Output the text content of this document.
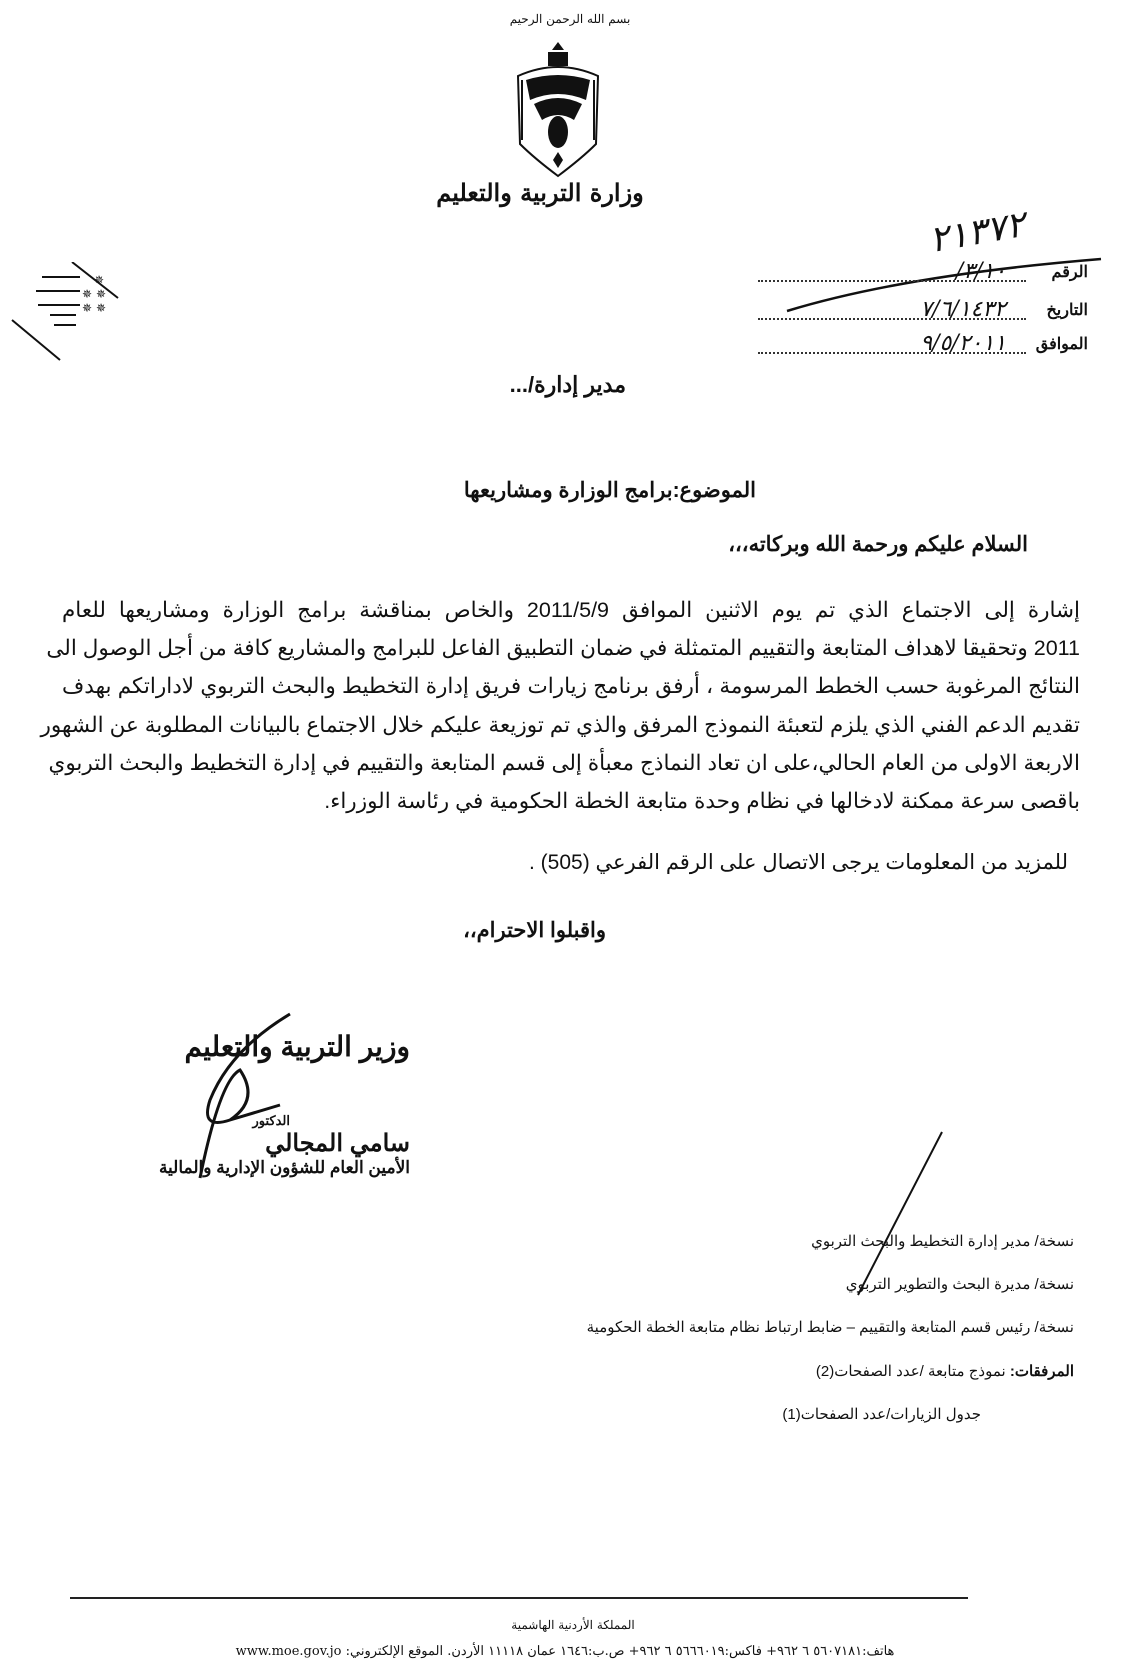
بسم الله الرحمن الرحيم
وزارة التربية والتعليم
✵
✵ ✵
✵ ✵
٢١٣٧٢
الرقم
٣/١٠/
التاريخ
٧/٦/١٤٣٢
الموافق
٩/٥/٢٠١١
مدير إدارة/...
الموضوع:برامج الوزارة ومشاريعها
السلام عليكم ورحمة الله وبركاته،،،
إشارة إلى الاجتماع الذي تم يوم الاثنين الموافق 2011/5/9 والخاص بمناقشة برامج الوزارة ومشاريعها للعام
2011 وتحقيقا لاهداف المتابعة والتقييم المتمثلة في ضمان التطبيق الفاعل للبرامج والمشاريع كافة من أجل الوصول الى
النتائج المرغوبة حسب الخطط المرسومة ، أرفق برنامج زيارات فريق إدارة التخطيط والبحث التربوي لاداراتكم بهدف
تقديم الدعم الفني الذي يلزم لتعبئة النموذج المرفق والذي تم توزيعة عليكم خلال الاجتماع بالبيانات المطلوبة عن الشهور
الاربعة الاولى من العام الحالي،على ان تعاد النماذج معبأة إلى قسم المتابعة والتقييم في إدارة التخطيط والبحث التربوي
باقصى سرعة ممكنة لادخالها في نظام وحدة متابعة الخطة الحكومية في رئاسة الوزراء.
للمزيد من المعلومات يرجى الاتصال على الرقم الفرعي (505) .
واقبلوا الاحترام،،
وزير التربية والتعليم
الدكتور
سامي المجالي
الأمين العام للشؤون الإدارية والمالية
نسخة/ مدير إدارة التخطيط والبحث التربوي
نسخة/ مديرة البحث والتطوير التربوي
نسخة/ رئيس قسم المتابعة والتقييم – ضابط ارتباط نظام متابعة الخطة الحكومية
المرفقات: نموذج متابعة /عدد الصفحات(2)
جدول الزيارات/عدد الصفحات(1)
المملكة الأردنية الهاشمية
هاتف:٥٦٠٧١٨١ ٦ ٩٦٢+ فاكس:٥٦٦٦٠١٩ ٦ ٩٦٢+ ص.ب:١٦٤٦ عمان ١١١١٨ الأردن. الموقع الإلكتروني: www.moe.gov.jo
